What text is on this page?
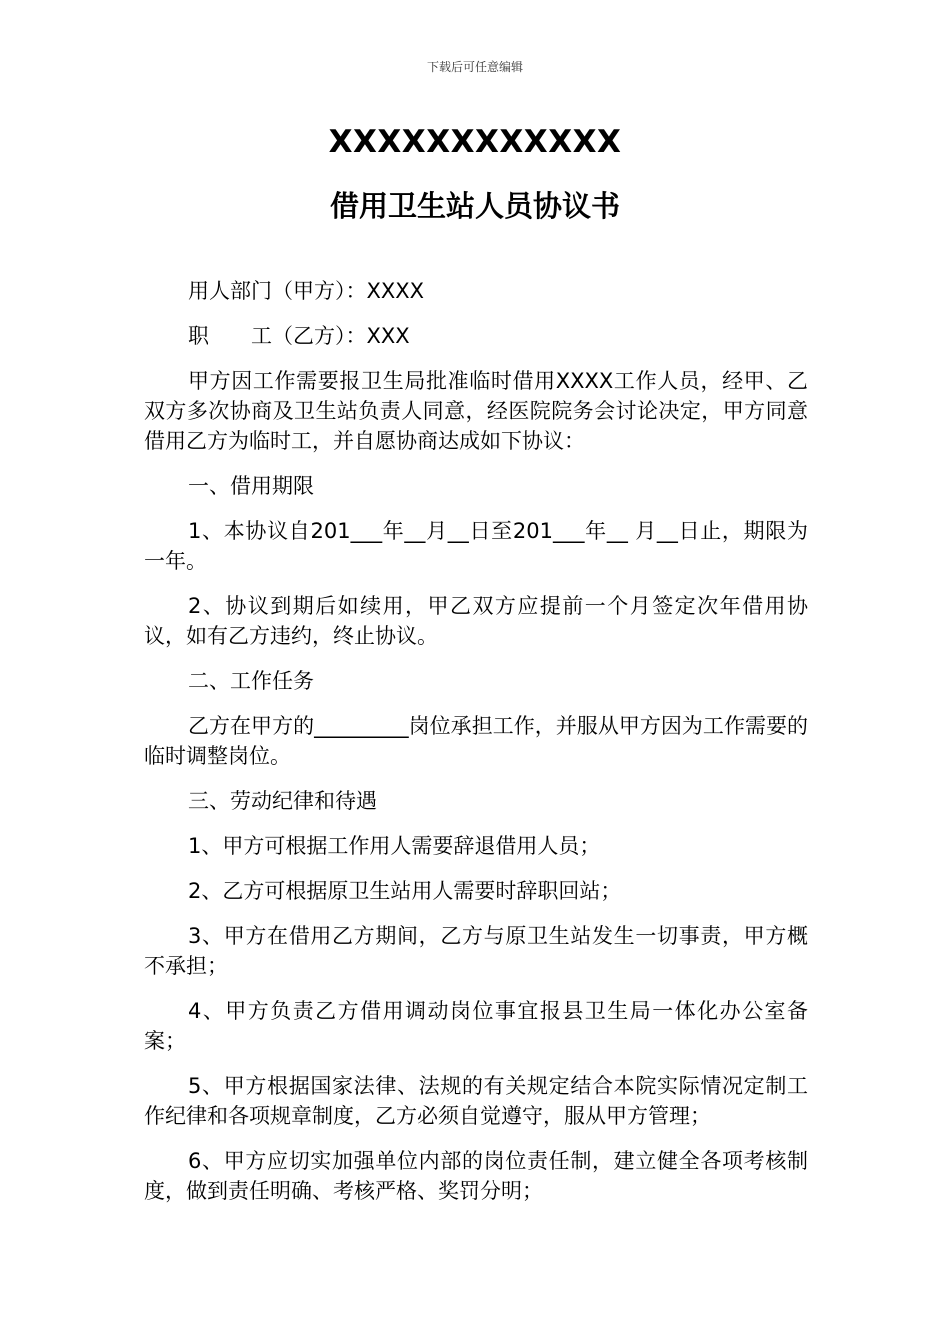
下载后可任意编辑
XXXXXXXXXXXX
借用卫生站人员协议书

用人部门（甲方）：XXXX

职　　工（乙方）：XXX

甲方因工作需要报卫生局批准临时借用XXXX工作人员，经甲、乙双方多次协商及卫生站负责人同意，经医院院务会讨论决定，甲方同意借用乙方为临时工，并自愿协商达成如下协议：

一、借用期限

1、本协议自201___年__月__日至201___年__ 月__日止，期限为一年。

2、协议到期后如续用，甲乙双方应提前一个月签定次年借用协议，如有乙方违约，终止协议。

二、工作任务

乙方在甲方的_________岗位承担工作，并服从甲方因为工作需要的临时调整岗位。

三、劳动纪律和待遇

1、甲方可根据工作用人需要辞退借用人员；

2、乙方可根据原卫生站用人需要时辞职回站；

3、甲方在借用乙方期间，乙方与原卫生站发生一切事责，甲方概不承担；

4、甲方负责乙方借用调动岗位事宜报县卫生局一体化办公室备案；

5、甲方根据国家法律、法规的有关规定结合本院实际情况定制工作纪律和各项规章制度，乙方必须自觉遵守，服从甲方管理；

6、甲方应切实加强单位内部的岗位责任制，建立健全各项考核制度，做到责任明确、考核严格、奖罚分明；
